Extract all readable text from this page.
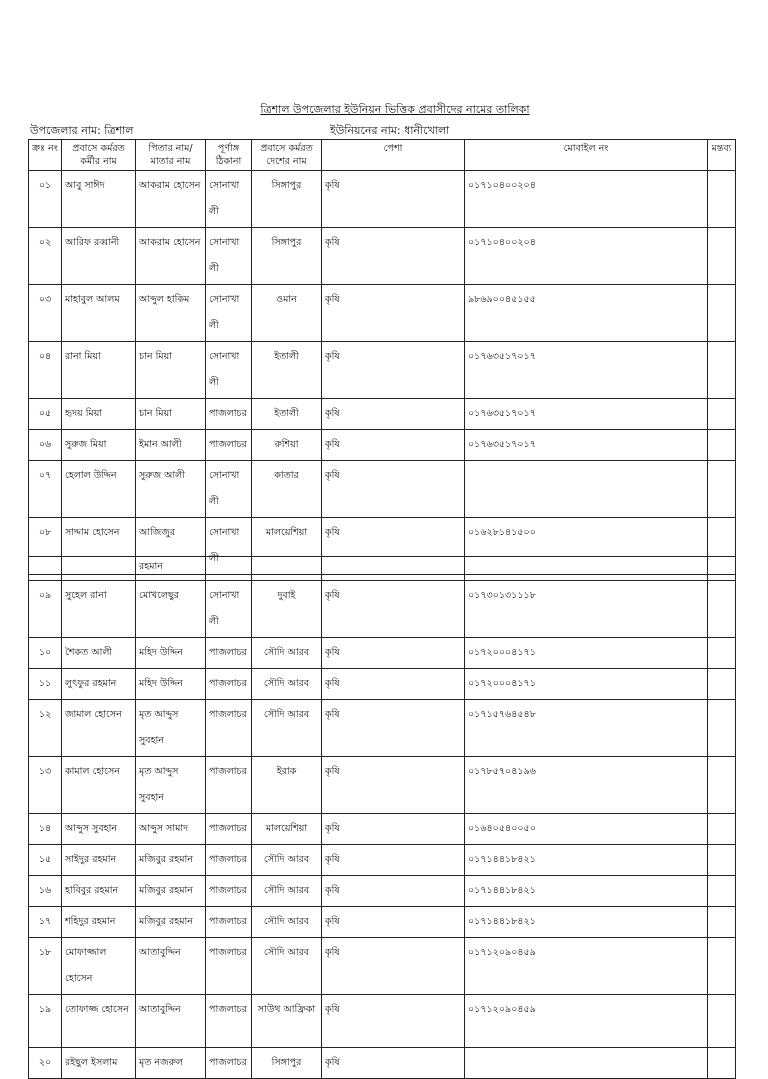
ত্রিশাল উপজেলার ইউনিয়ন ভিত্তিক প্রবাসীদের নামের তালিকা
উপজেলার নাম: ত্রিশাল	ইউনিয়নের নাম: ধানীখোলা
ক্রঃ নং	প্রবাসে কর্মরত কর্মীর নাম	পিতার নাম/মাতার নাম	পূর্ণাঙ্গ ঠিকানা	প্রবাসে কর্মরত দেশের নাম	পেশা	মোবাইল নং	মন্তব্য
০১	আবু সাঈদ	আকরাম হোসেন	সোনাখালী	সিঙ্গাপুর	কৃষি	০১৭১০৪০০২০৪	
০২	আরিফ রব্বানী	আকরাম হোসেন	সোনাখালী	সিঙ্গাপুর	কৃষি	০১৭১০৪০০২০৪	
০৩	মাহাবুল আলম	আব্দুল হাকিম	সোনাখালী	ওমান	কৃষি	৯৮৬৯০০৪৫১৫৫	
০৪	রানা মিয়া	চান মিয়া	সোনাখালী	ইতালী	কৃষি	০১৭৬৩৫১৭০১৭	
০৫	হৃদয় মিয়া	চান মিয়া	পাজলাচর	ইতালী	কৃষি	০১৭৬৩৫১৭০১৭	
০৬	সুরুজ মিয়া	ইমান আলী	পাজলাচর	রুশিয়া	কৃষি	০১৭৬৩৫১৭০১৭	
০৭	হেলাল উদ্দিন	সুরুজ আলী	সোনাখালী	কাতার	কৃষি		
০৮	সাদ্দাম হোসেন	আজিজুর	সোনাখালী	মালয়েশিয়া	কৃষি	০১৬২৮১৪১৫০০	
		রহমান					
০৯	সুহেল রানা	মোখলেছুর	সোনাখালী	দুবাই	কৃষি	০১৭৩০১৩১১১৮	
১০	শৈকত আলী	মহিদ উদ্দিন	পাজলাচর	সৌদি আরব	কৃষি	০১৭২০০০৪১৭১	
১১	লুৎফুর রহমান	মহিদ উদ্দিন	পাজলাচর	সৌদি আরব	কৃষি	০১৭২০০০৪১৭১	
১২	জামাল হোসেন	মৃত আব্দুস সুবহান	পাজলাচর	সৌদি আরব	কৃষি	০১৭১৫৭৬৪৫৪৮	
১৩	কামাল হোসেন	মৃত আব্দুস সুবহান	পাজলাচর	ইরাক	কৃষি	০১৭৮৫৭০৪১৯৬	
১৪	আব্দুস সুবহান	আব্দুস সামাদ	পাজলাচর	মালয়েশিয়া	কৃষি	০১৬৪০৫৪০০৫০	
১৫	সাইদুর রহমান	মজিবুর রহমান	পাজলাচর	সৌদি আরব	কৃষি	০১৭১৪৪১৮৪২১	
১৬	হাবিবুর রহমান	মজিবুর রহমান	পাজলাচর	সৌদি আরব	কৃষি	০১৭১৪৪১৮৪২১	
১৭	শহিদুর রহমান	মজিবুর রহমান	পাজলাচর	সৌদি আরব	কৃষি	০১৭১৪৪১৮৪২১	
১৮	মোফাজ্জাল হোসেন	আতাবুদ্দিন	পাজলাচর	সৌদি আরব	কৃষি	০১৭১২০৯০৪৫৯	
১৯	তোফাজ্জ হোসেন	আতাবুদ্দিন	পাজলাচর	সাউথ আফ্রিকা	কৃষি	০১৭১২০৯০৪৫৯	
২০	রইছুল ইসলাম	মৃত নজরুল	পাজলাচর	সিঙ্গাপুর	কৃষি		
